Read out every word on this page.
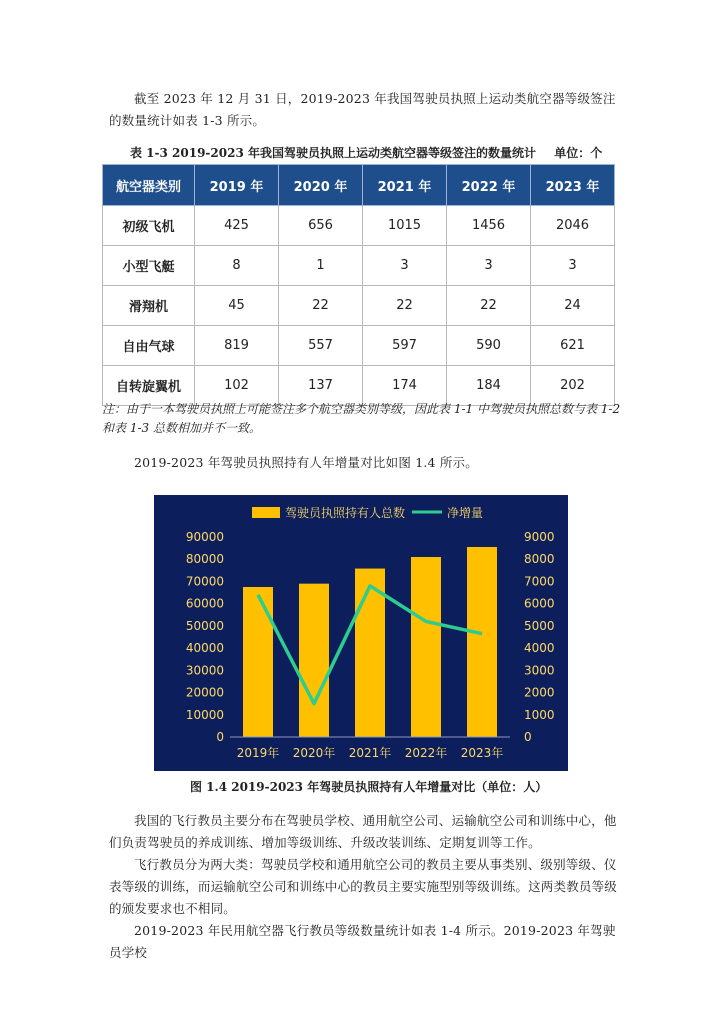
截至 2023 年 12 月 31 日，2019-2023 年我国驾驶员执照上运动类航空器等级签注的数量统计如表 1-3 所示。

表 1-3 2019-2023 年我国驾驶员执照上运动类航空器等级签注的数量统计 单位：个
航空器类别	2019 年	2020 年	2021 年	2022 年	2023 年
初级飞机	425	656	1015	1456	2046
小型飞艇	8	1	3	3	3
滑翔机	45	22	22	22	24
自由气球	819	557	597	590	621
自转旋翼机	102	137	174	184	202

注：由于一本驾驶员执照上可能签注多个航空器类别等级，因此表 1-1 中驾驶员执照总数与表 1-2 和表 1-3 总数相加并不一致。

2019-2023 年驾驶员执照持有人年增量对比如图 1.4 所示。

驾驶员执照持有人总数	净增量
0
10000
20000
30000
40000
50000
60000
70000
80000
90000
0
1000
2000
3000
4000
5000
6000
7000
8000
9000
2019年 2020年 2021年 2022年 2023年
图 1.4 2019-2023 年驾驶员执照持有人年增量对比（单位：人）

我国的飞行教员主要分布在驾驶员学校、通用航空公司、运输航空公司和训练中心，他们负责驾驶员的养成训练、增加等级训练、升级改装训练、定期复训等工作。

飞行教员分为两大类：驾驶员学校和通用航空公司的教员主要从事类别、级别等级、仪表等级的训练，而运输航空公司和训练中心的教员主要实施型别等级训练。这两类教员等级的颁发要求也不相同。

2019-2023 年民用航空器飞行教员等级数量统计如表 1-4 所示。2019-2023 年驾驶员学校
